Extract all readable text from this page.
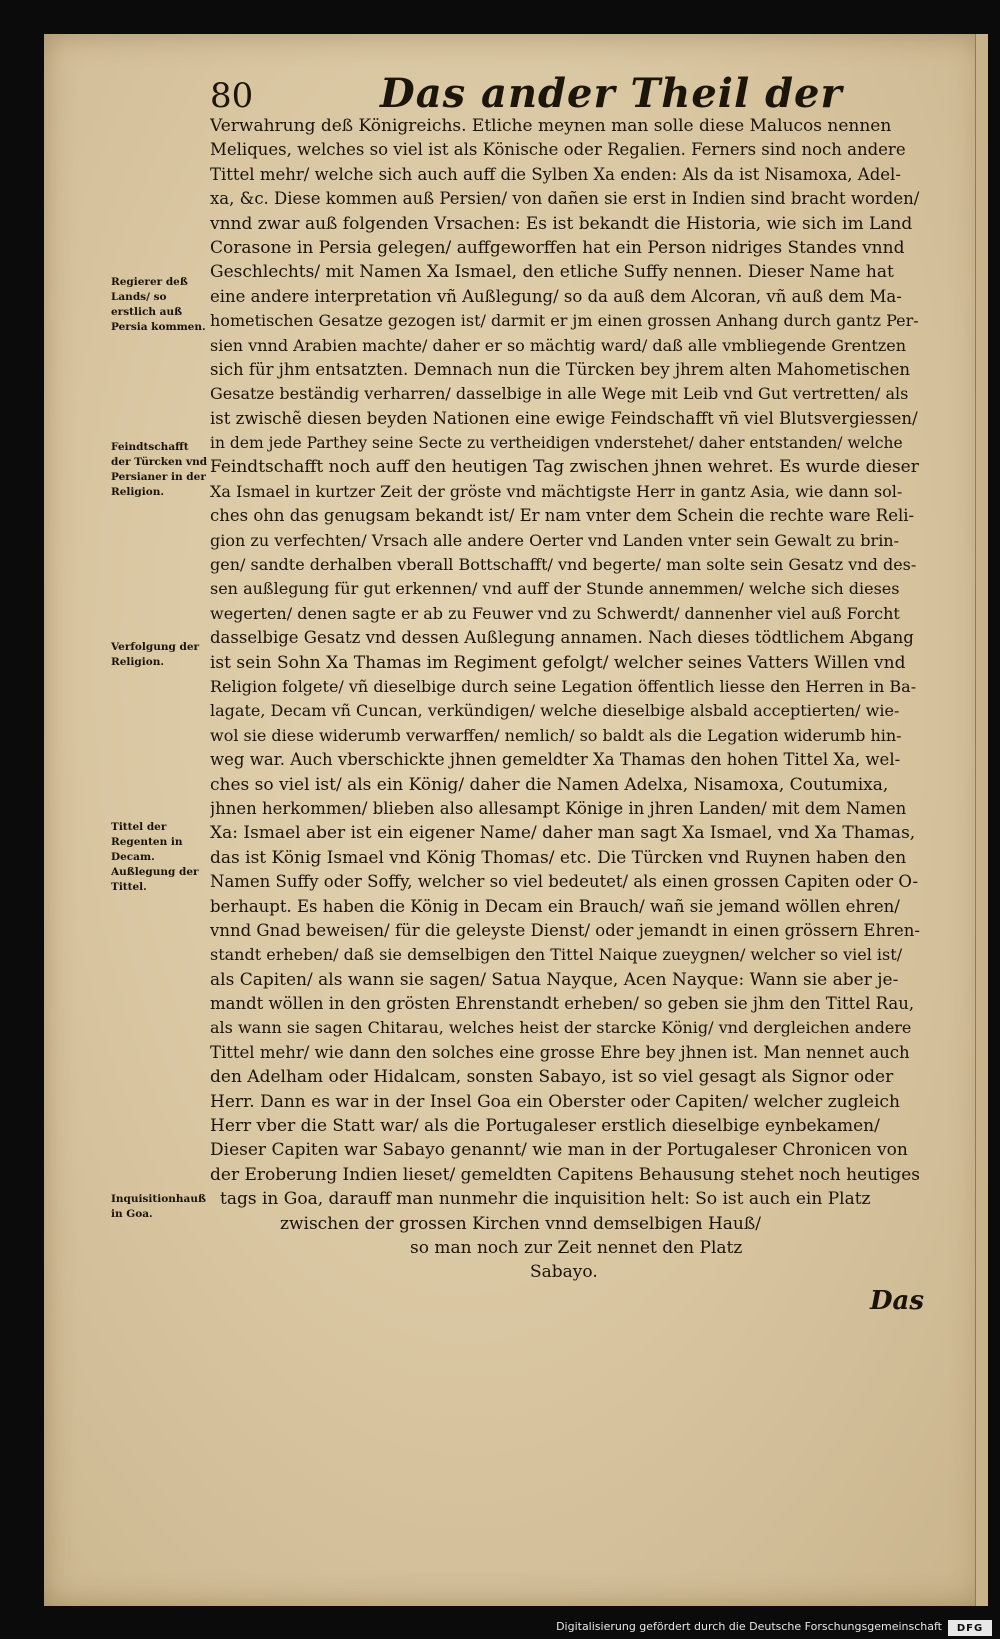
80	Das ander Theil der
Regierer deß Lands/ so erstlich auß Persia kommen.
Feindtschafft der Türcken vnd Persianer in der Religion.
Verfolgung der Religion.
Tittel der Regenten in Decam. Außlegung der Tittel.
Inquisitionhauß in Goa.
Verwahrung deß Königreichs. Etliche meynen man solle diese Malucos nennen
Meliques, welches so viel ist als Könische oder Regalien. Ferners sind noch andere
Tittel mehr/ welche sich auch auff die Sylben Xa enden: Als da ist Nisamoxa, Adel-
xa, &c. Diese kommen auß Persien/ von dañen sie erst in Indien sind bracht worden/
vnnd zwar auß folgenden Vrsachen: Es ist bekandt die Historia, wie sich im Land
Corasone in Persia gelegen/ auffgeworffen hat ein Person nidriges Standes vnnd
Geschlechts/ mit Namen Xa Ismael, den etliche Suffy nennen. Dieser Name hat
eine andere interpretation vñ Außlegung/ so da auß dem Alcoran, vñ auß dem Ma-
hometischen Gesatze gezogen ist/ darmit er jm einen grossen Anhang durch gantz Per-
sien vnnd Arabien machte/ daher er so mächtig ward/ daß alle vmbliegende Grentzen
sich für jhm entsatzten. Demnach nun die Türcken bey jhrem alten Mahometischen
Gesatze beständig verharren/ dasselbige in alle Wege mit Leib vnd Gut vertretten/ als
ist zwischẽ diesen beyden Nationen eine ewige Feindschafft vñ viel Blutsvergiessen/
in dem jede Parthey seine Secte zu vertheidigen vnderstehet/ daher entstanden/ welche
Feindtschafft noch auff den heutigen Tag zwischen jhnen wehret. Es wurde dieser
Xa Ismael in kurtzer Zeit der gröste vnd mächtigste Herr in gantz Asia, wie dann sol-
ches ohn das genugsam bekandt ist/ Er nam vnter dem Schein die rechte ware Reli-
gion zu verfechten/ Vrsach alle andere Oerter vnd Landen vnter sein Gewalt zu brin-
gen/ sandte derhalben vberall Bottschafft/ vnd begerte/ man solte sein Gesatz vnd des-
sen außlegung für gut erkennen/ vnd auff der Stunde annemmen/ welche sich dieses
wegerten/ denen sagte er ab zu Feuwer vnd zu Schwerdt/ dannenher viel auß Forcht
dasselbige Gesatz vnd dessen Außlegung annamen. Nach dieses tödtlichem Abgang
ist sein Sohn Xa Thamas im Regiment gefolgt/ welcher seines Vatters Willen vnd
Religion folgete/ vñ dieselbige durch seine Legation öffentlich liesse den Herren in Ba-
lagate, Decam vñ Cuncan, verkündigen/ welche dieselbige alsbald acceptierten/ wie-
wol sie diese widerumb verwarffen/ nemlich/ so baldt als die Legation widerumb hin-
weg war. Auch vberschickte jhnen gemeldter Xa Thamas den hohen Tittel Xa, wel-
ches so viel ist/ als ein König/ daher die Namen Adelxa, Nisamoxa, Coutumixa,
jhnen herkommen/ blieben also allesampt Könige in jhren Landen/ mit dem Namen
Xa: Ismael aber ist ein eigener Name/ daher man sagt Xa Ismael, vnd Xa Thamas,
das ist König Ismael vnd König Thomas/ etc. Die Türcken vnd Ruynen haben den
Namen Suffy oder Soffy, welcher so viel bedeutet/ als einen grossen Capiten oder O-
berhaupt. Es haben die König in Decam ein Brauch/ wañ sie jemand wöllen ehren/
vnnd Gnad beweisen/ für die geleyste Dienst/ oder jemandt in einen grössern Ehren-
standt erheben/ daß sie demselbigen den Tittel Naique zueygnen/ welcher so viel ist/
als Capiten/ als wann sie sagen/ Satua Nayque, Acen Nayque: Wann sie aber je-
mandt wöllen in den grösten Ehrenstandt erheben/ so geben sie jhm den Tittel Rau,
als wann sie sagen Chitarau, welches heist der starcke König/ vnd dergleichen andere
Tittel mehr/ wie dann den solches eine grosse Ehre bey jhnen ist. Man nennet auch
den Adelham oder Hidalcam, sonsten Sabayo, ist so viel gesagt als Signor oder
Herr. Dann es war in der Insel Goa ein Oberster oder Capiten/ welcher zugleich
Herr vber die Statt war/ als die Portugaleser erstlich dieselbige eynbekamen/
Dieser Capiten war Sabayo genannt/ wie man in der Portugaleser Chronicen von
der Eroberung Indien lieset/ gemeldten Capitens Behausung stehet noch heutiges
tags in Goa, darauff man nunmehr die inquisition helt: So ist auch ein Platz
zwischen der grossen Kirchen vnnd demselbigen Hauß/
so man noch zur Zeit nennet den Platz
Sabayo.
Das
Digitalisierung gefördert durch die Deutsche Forschungsgemeinschaft DFG
